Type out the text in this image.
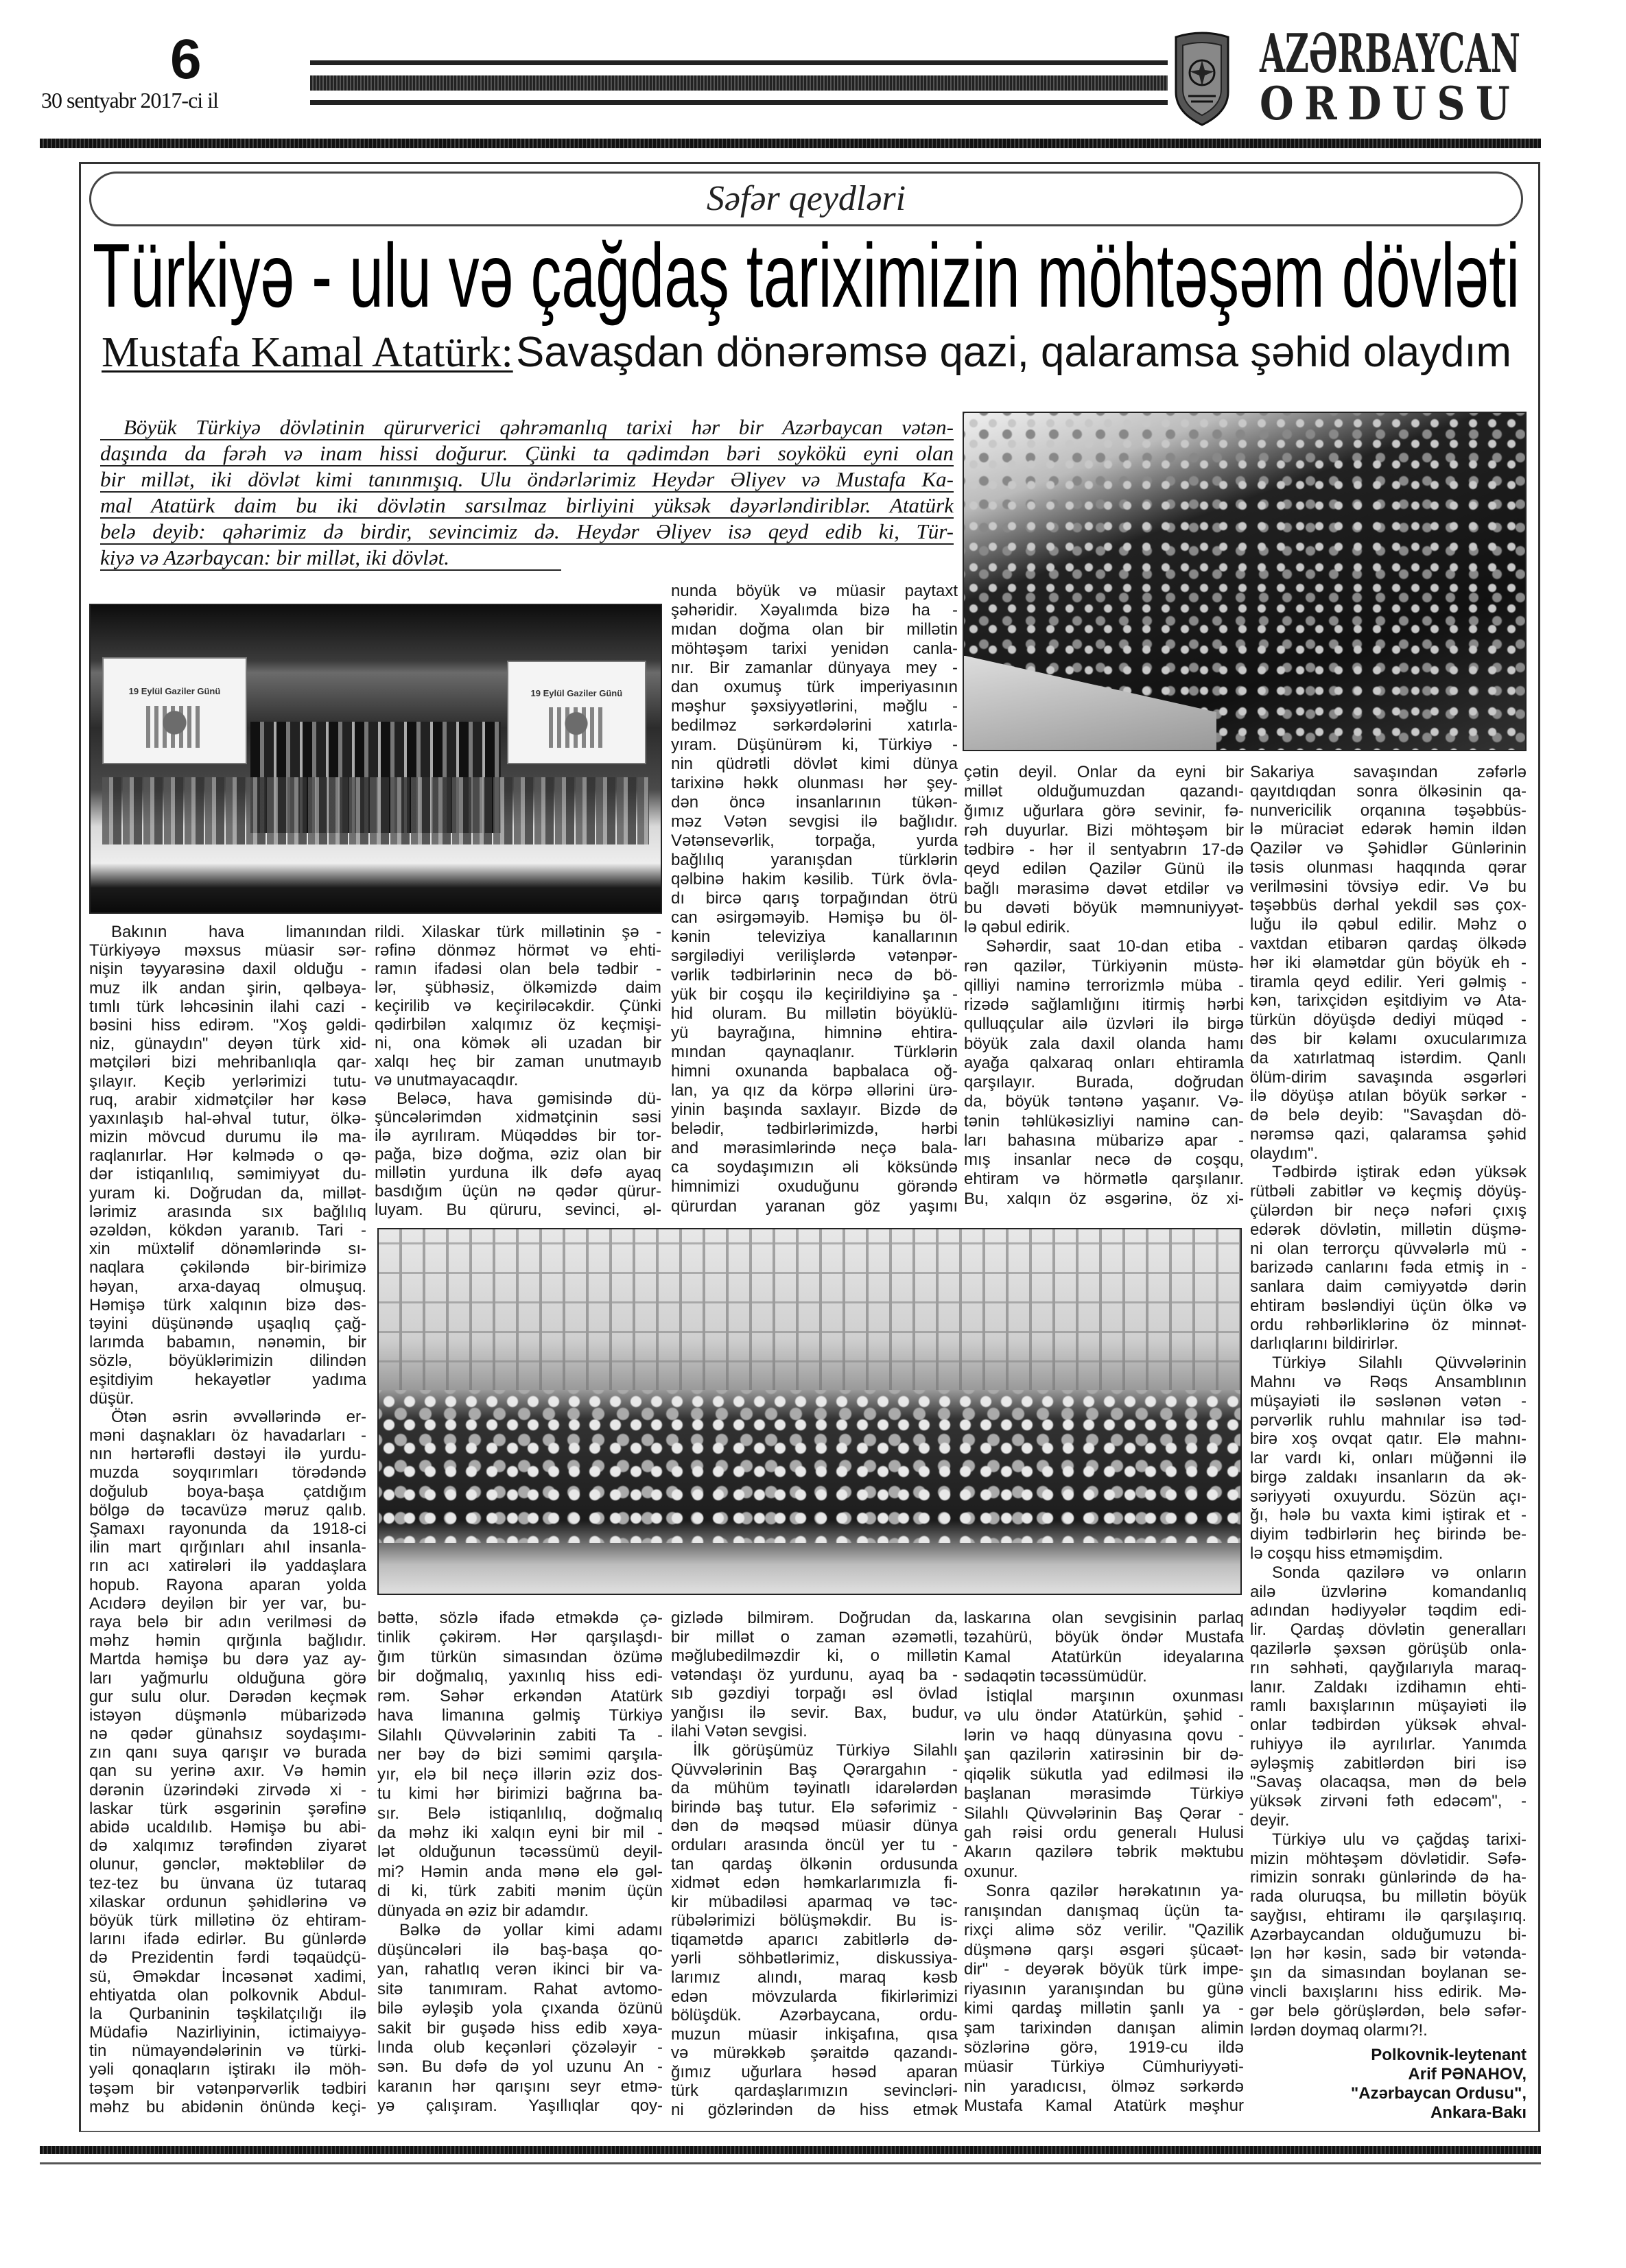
6
30 sentyabr 2017-ci il
AZƏRBAYCAN
ORDUSU
Səfər qeydləri
Türkiyə - ulu və çağdaş tariximizin möhtəşəm dövləti
Mustafa Kamal Atatürk: Savaşdan dönərəmsə qazi, qalaramsa şəhid olaydım
Böyük Türkiyə dövlətinin qürurverici qəhrəmanlıq tarixi hər bir Azərbaycan vətən-
daşında da fərəh və inam hissi doğurur. Çünki ta qədimdən bəri soykökü eyni olan
bir millət, iki dövlət kimi tanınmışıq. Ulu öndərlərimiz Heydər Əliyev və Mustafa Ka-
mal Atatürk daim bu iki dövlətin sarsılmaz birliyini yüksək dəyərləndiriblər. Atatürk
belə deyib: qəhərimiz də birdir, sevincimiz də. Heydər Əliyev isə qeyd edib ki, Tür-
kiyə və Azərbaycan: bir millət, iki dövlət.
19 Eylül Gaziler Günü	19 Eylül Gaziler Günü
Bakının hava limanından
Türkiyəyə məxsus müasir sər-
nişin təyyarəsinə daxil olduğu -
muz ilk andan şirin, qəlbəya-
tımlı türk ləhcəsinin ilahi cazi -
bəsini hiss edirəm. "Xoş gəldi-
niz, günaydın" deyən türk xid-
mətçiləri bizi mehribanlıqla qar-
şılayır. Keçib yerlərimizi tutu-
ruq, arabir xidmətçilər hər kəsə
yaxınlaşıb hal-əhval tutur, ölkə-
mizin mövcud durumu ilə ma-
raqlanırlar. Hər kəlmədə o qə-
dər istiqanlılıq, səmimiyyət du-
yuram ki. Doğrudan da, millət-
lərimiz arasında sıx bağlılıq
əzəldən, kökdən yaranıb. Tari -
xin müxtəlif dönəmlərində sı-
naqlara çəkiləndə bir-birimizə
həyan, arxa-dayaq olmuşuq.
Həmişə türk xalqının bizə dəs-
təyini düşünəndə uşaqlıq çağ-
larımda babamın, nənəmin, bir
sözlə, böyüklərimizin dilindən
eşitdiyim hekayətlər yadıma
düşür.
Ötən əsrin əvvəllərində er-
məni daşnakları öz havadarları -
nın hərtərəfli dəstəyi ilə yurdu-
muzda soyqırımları törədəndə
doğulub boya-başa çatdığım
bölgə də təcavüzə məruz qalıb.
Şamaxı rayonunda da 1918-ci
ilin mart qırğınları ahıl insanla-
rın acı xatirələri ilə yaddaşlara
hopub. Rayona aparan yolda
Acıdərə deyilən bir yer var, bu-
raya belə bir adın verilməsi də
məhz həmin qırğınla bağlıdır.
Martda həmişə bu dərə yaz ay-
ları yağmurlu olduğuna görə
gur sulu olur. Dərədən keçmək
istəyən düşmənlə mübarizədə
nə qədər günahsız soydaşımı-
zın qanı suya qarışır və burada
qan su yerinə axır. Və həmin
dərənin üzərindəki zirvədə xi -
laskar türk əsgərinin şərəfinə
abidə ucaldılıb. Həmişə bu abi-
də xalqımız tərəfindən ziyarət
olunur, gənclər, məktəblilər də
tez-tez bu ünvana üz tutaraq
xilaskar ordunun şəhidlərinə və
böyük türk millətinə öz ehtiram-
larını ifadə edirlər. Bu günlərdə
də Prezidentin fərdi təqaüdçü-
sü, Əməkdar İncəsənət xadimi,
ehtiyatda olan polkovnik Abdul-
la Qurbaninin təşkilatçılığı ilə
Müdafiə Nazirliyinin, ictimaiyyə-
tin nümayəndələrinin və türki-
yəli qonaqların iştirakı ilə möh-
təşəm bir vətənpərvərlik tədbiri
məhz bu abidənin önündə keçi-
rildi. Xilaskar türk millətinin şə -
rəfinə dönməz hörmət və ehti-
ramın ifadəsi olan belə tədbir -
lər, şübhəsiz, ölkəmizdə daim
keçirilib və keçiriləcəkdir. Çünki
qədirbilən xalqımız öz keçmişi-
ni, ona kömək əli uzadan bir
xalqı heç bir zaman unutmayıb
və unutmayacaqdır.
Beləcə, hava gəmisində dü-
şüncələrimdən xidmətçinin səsi
ilə ayrılıram. Müqəddəs bir tor-
pağa, bizə doğma, əziz olan bir
millətin yurduna ilk dəfə ayaq
basdığım üçün nə qədər qürur-
luyam. Bu qüruru, sevinci, əl-
bəttə, sözlə ifadə etməkdə çə-
tinlik çəkirəm. Hər qarşılaşdı-
ğım türkün simasından özümə
bir doğmalıq, yaxınlıq hiss edi-
rəm. Səhər erkəndən Atatürk
hava limanına gəlmiş Türkiyə
Silahlı Qüvvələrinin zabiti Ta -
ner bəy də bizi səmimi qarşıla-
yır, elə bil neçə illərin əziz dos-
tu kimi hər birimizi bağrına ba-
sır. Belə istiqanlılıq, doğmalıq
da məhz iki xalqın eyni bir mil -
lət olduğunun təcəssümü deyil-
mi? Həmin anda mənə elə gəl-
di ki, türk zabiti mənim üçün
dünyada ən əziz bir adamdır.
Bəlkə də yollar kimi adamı
düşüncələri ilə baş-başa qo-
yan, rahatlıq verən ikinci bir va-
sitə tanımıram. Rahat avtomo-
bilə əyləşib yola çıxanda özünü
sakit bir guşədə hiss edib xəya-
lında olub keçənləri çözələyir -
sən. Bu dəfə də yol uzunu An -
karanın hər qarışını seyr etmə-
yə çalışıram. Yaşıllıqlar qoy-
nunda böyük və müasir paytaxt
şəhəridir. Xəyalımda bizə ha -
mıdan doğma olan bir millətin
möhtəşəm tarixi yenidən canla-
nır. Bir zamanlar dünyaya mey -
dan oxumuş türk imperiyasının
məşhur şəxsiyyətlərini, məğlu -
bedilməz sərkərdələrini xatırla-
yıram. Düşünürəm ki, Türkiyə -
nin qüdrətli dövlət kimi dünya
tarixinə həkk olunması hər şey-
dən öncə insanlarının tükən-
məz Vətən sevgisi ilə bağlıdır.
Vətənsevərlik, torpağa, yurda
bağlılıq yaranışdan türklərin
qəlbinə hakim kəsilib. Türk övla-
dı bircə qarış torpağından ötrü
can əsirgəməyib. Həmişə bu öl-
kənin televiziya kanallarının
sərgilədiyi verilişlərdə vətənpər-
vərlik tədbirlərinin necə də bö-
yük bir coşqu ilə keçirildiyinə şa -
hid oluram. Bu millətin böyüklü-
yü bayrağına, himninə ehtira-
mından qaynaqlanır. Türklərin
himni oxunanda bapbalaca oğ-
lan, ya qız da körpə əllərini ürə-
yinin başında saxlayır. Bizdə də
belədir, tədbirlərimizdə, hərbi
and mərasimlərində neçə bala-
ca soydaşımızın əli köksündə
himnimizi oxuduğunu görəndə
qürurdan yaranan göz yaşımı
gizlədə bilmirəm. Doğrudan da,
bir millət o zaman əzəmətli,
məğlubedilməzdir ki, o millətin
vətəndaşı öz yurdunu, ayaq ba -
sıb gəzdiyi torpağı əsl övlad
yanğısı ilə sevir. Bax, budur,
ilahi Vətən sevgisi.
İlk görüşümüz Türkiyə Silahlı
Qüvvələrinin Baş Qərargahın -
da mühüm təyinatlı idarələrdən
birində baş tutur. Elə səfərimiz -
dən də məqsəd müasir dünya
orduları arasında öncül yer tu -
tan qardaş ölkənin ordusunda
xidmət edən həmkarlarımızla fi-
kir mübadiləsi aparmaq və təc-
rübələrimizi bölüşməkdir. Bu is-
tiqamətdə aparıcı zabitlərlə də-
yərli söhbətlərimiz, diskussiya-
larımız alındı, maraq kəsb
edən mövzularda fikirlərimizi
bölüşdük. Azərbaycana, ordu-
muzun müasir inkişafına, qısa
və mürəkkəb şəraitdə qazandı-
ğımız uğurlara həsəd aparan
türk qardaşlarımızın sevincləri-
ni gözlərindən də hiss etmək
çətin deyil. Onlar da eyni bir
millət olduğumuzdan qazandı-
ğımız uğurlara görə sevinir, fə-
rəh duyurlar. Bizi möhtəşəm bir
tədbirə - hər il sentyabrın 17-də
qeyd edilən Qazilər Günü ilə
bağlı mərasimə dəvət etdilər və
bu dəvəti böyük məmnuniyyət-
lə qəbul edirik.
Səhərdir, saat 10-dan etiba -
rən qazilər, Türkiyənin müstə-
qilliyi naminə terrorizmlə müba -
rizədə sağlamlığını itirmiş hərbi
qulluqçular ailə üzvləri ilə birgə
böyük zala daxil olanda hamı
ayağa qalxaraq onları ehtiramla
qarşılayır. Burada, doğrudan
da, böyük təntənə yaşanır. Və-
tənin təhlükəsizliyi naminə can-
ları bahasına mübarizə apar -
mış insanlar necə də coşqu,
ehtiram və hörmətlə qarşılanır.
Bu, xalqın öz əsgərinə, öz xi-
laskarına olan sevgisinin parlaq
təzahürü, böyük öndər Mustafa
Kamal Atatürkün ideyalarına
sədaqətin təcəssümüdür.
İstiqlal marşının oxunması
və ulu öndər Atatürkün, şəhid -
lərin və haqq dünyasına qovu -
şan qazilərin xatirəsinin bir də-
qiqəlik sükutla yad edilməsi ilə
başlanan mərasimdə Türkiyə
Silahlı Qüvvələrinin Baş Qərar -
gah rəisi ordu generalı Hulusi
Akarın qazilərə təbrik məktubu
oxunur.
Sonra qazilər hərəkatının ya-
ranışından danışmaq üçün ta-
rixçi alimə söz verilir. "Qazilik
düşmənə qarşı əsgəri şücaət-
dir" - deyərək böyük türk impe-
riyasının yaranışından bu günə
kimi qardaş millətin şanlı ya -
şam tarixindən danışan alimin
sözlərinə görə, 1919-cu ildə
müasir Türkiyə Cümhuriyyəti-
nin yaradıcısı, ölməz sərkərdə
Mustafa Kamal Atatürk məşhur
Sakariya savaşından zəfərlə
qayıtdıqdan sonra ölkəsinin qa-
nunvericilik orqanına təşəbbüs-
lə müraciət edərək həmin ildən
Qazilər və Şəhidlər Günlərinin
təsis olunması haqqında qərar
verilməsini tövsiyə edir. Və bu
təşəbbüs dərhal yekdil səs çox-
luğu ilə qəbul edilir. Məhz o
vaxtdan etibarən qardaş ölkədə
hər iki əlamətdar gün böyük eh -
tiramla qeyd edilir. Yeri gəlmiş -
kən, tarixçidən eşitdiyim və Ata-
türkün döyüşdə dediyi müqəd -
dəs bir kəlamı oxucularımıza
da xatırlatmaq istərdim. Qanlı
ölüm-dirim savaşında əsgərləri
ilə döyüşə atılan böyük sərkər -
də belə deyib: "Savaşdan dö-
nərəmsə qazi, qalaramsa şəhid
olaydım".
Tədbirdə iştirak edən yüksək
rütbəli zabitlər və keçmiş döyüş-
çülərdən bir neçə nəfəri çıxış
edərək dövlətin, millətin düşmə-
ni olan terrorçu qüvvələrlə mü -
barizədə canlarını fəda etmiş in -
sanlara daim cəmiyyətdə dərin
ehtiram bəsləndiyi üçün ölkə və
ordu rəhbərliklərinə öz minnət-
darlıqlarını bildirirlər.
Türkiyə Silahlı Qüvvələrinin
Mahnı və Rəqs Ansamblının
müşayiəti ilə səslənən vətən -
pərvərlik ruhlu mahnılar isə təd-
birə xoş ovqat qatır. Elə mahnı-
lar vardı ki, onları müğənni ilə
birgə zaldakı insanların da ək-
səriyyəti oxuyurdu. Sözün açı-
ğı, hələ bu vaxta kimi iştirak et -
diyim tədbirlərin heç birində be-
lə coşqu hiss etməmişdim.
Sonda qazilərə və onların
ailə üzvlərinə komandanlıq
adından hədiyyələr təqdim edi-
lir. Qardaş dövlətin generalları
qazilərlə şəxsən görüşüb onla-
rın səhhəti, qayğılarıyla maraq-
lanır. Zaldakı izdihamın ehti-
ramlı baxışlarının müşayiəti ilə
onlar tədbirdən yüksək əhval-
ruhiyyə ilə ayrılırlar. Yanımda
əyləşmiş zabitlərdən biri isə
"Savaş olacaqsa, mən də belə
yüksək zirvəni fəth edəcəm", -
deyir.
Türkiyə ulu və çağdaş tarixi-
mizin möhtəşəm dövlətidir. Səfə-
rimizin sonrakı günlərində də ha-
rada oluruqsa, bu millətin böyük
sayğısı, ehtiramı ilə qarşılaşırıq.
Azərbaycandan olduğumuzu bi-
lən hər kəsin, sadə bir vətənda-
şın da simasından boylanan se-
vincli baxışlarını hiss edirik. Mə-
gər belə görüşlərdən, belə səfər-
lərdən doymaq olarmı?!.
Polkovnik-leytenant
Arif PƏNAHOV,
"Azərbaycan Ordusu",
Ankara-Bakı
